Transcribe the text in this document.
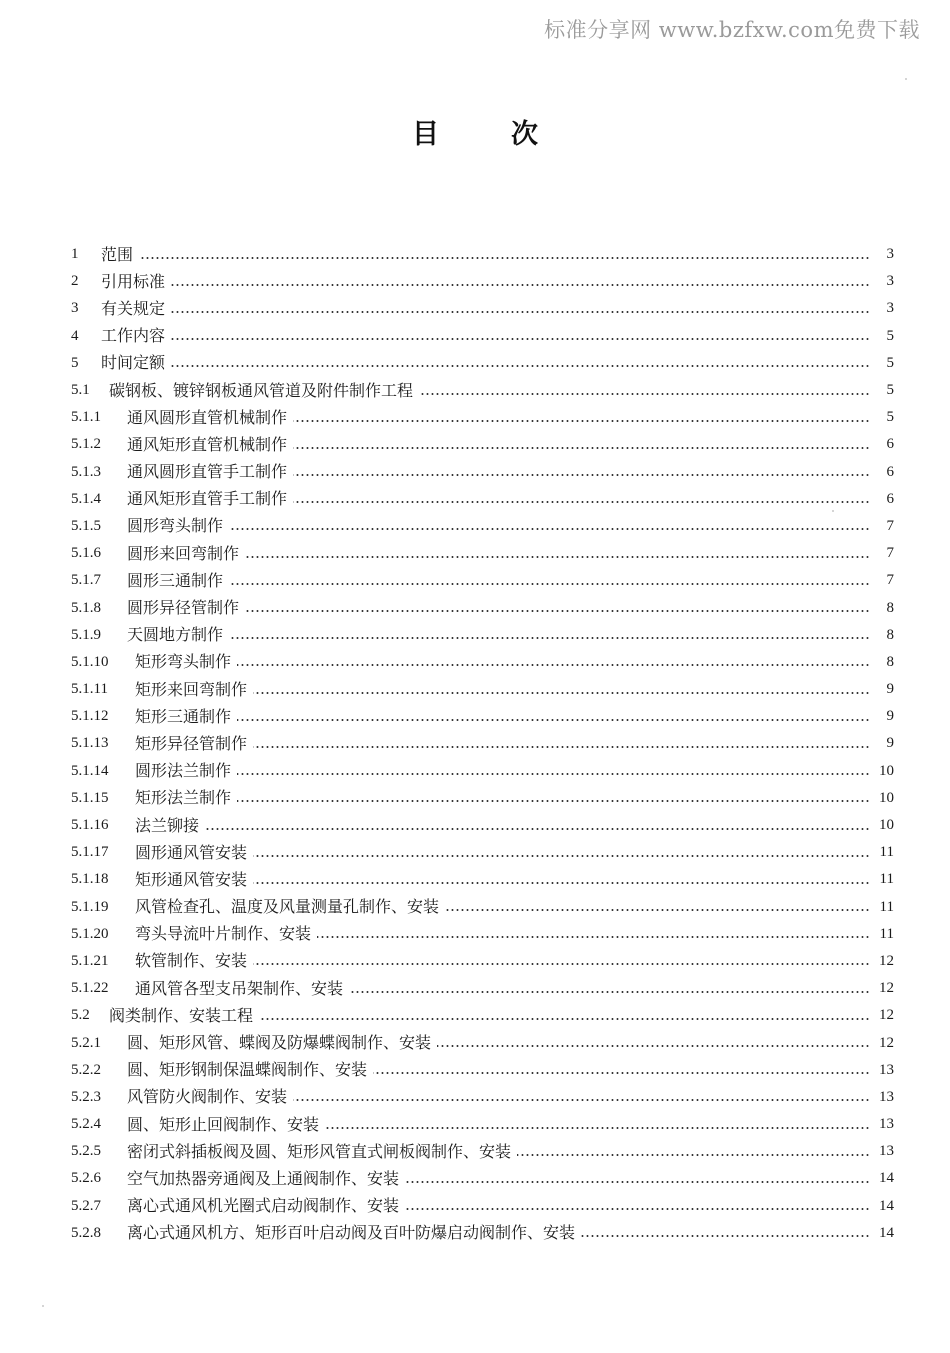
标准分享网 www.bzfxw.com免费下载
目次
1	范围	3
2	引用标准	3
3	有关规定	3
4	工作内容	5
5	时间定额	5
5.1	碳钢板、镀锌钢板通风管道及附件制作工程	5
5.1.1	通风圆形直管机械制作	5
5.1.2	通风矩形直管机械制作	6
5.1.3	通风圆形直管手工制作	6
5.1.4	通风矩形直管手工制作	6
5.1.5	圆形弯头制作	7
5.1.6	圆形来回弯制作	7
5.1.7	圆形三通制作	7
5.1.8	圆形异径管制作	8
5.1.9	天圆地方制作	8
5.1.10	矩形弯头制作	8
5.1.11	矩形来回弯制作	9
5.1.12	矩形三通制作	9
5.1.13	矩形异径管制作	9
5.1.14	圆形法兰制作	10
5.1.15	矩形法兰制作	10
5.1.16	法兰铆接	10
5.1.17	圆形通风管安装	11
5.1.18	矩形通风管安装	11
5.1.19	风管检查孔、温度及风量测量孔制作、安装	11
5.1.20	弯头导流叶片制作、安装	11
5.1.21	软管制作、安装	12
5.1.22	通风管各型支吊架制作、安装	12
5.2	阀类制作、安装工程	12
5.2.1	圆、矩形风管、蝶阀及防爆蝶阀制作、安装	12
5.2.2	圆、矩形钢制保温蝶阀制作、安装	13
5.2.3	风管防火阀制作、安装	13
5.2.4	圆、矩形止回阀制作、安装	13
5.2.5	密闭式斜插板阀及圆、矩形风管直式闸板阀制作、安装	13
5.2.6	空气加热器旁通阀及上通阀制作、安装	14
5.2.7	离心式通风机光圈式启动阀制作、安装	14
5.2.8	离心式通风机方、矩形百叶启动阀及百叶防爆启动阀制作、安装	14
